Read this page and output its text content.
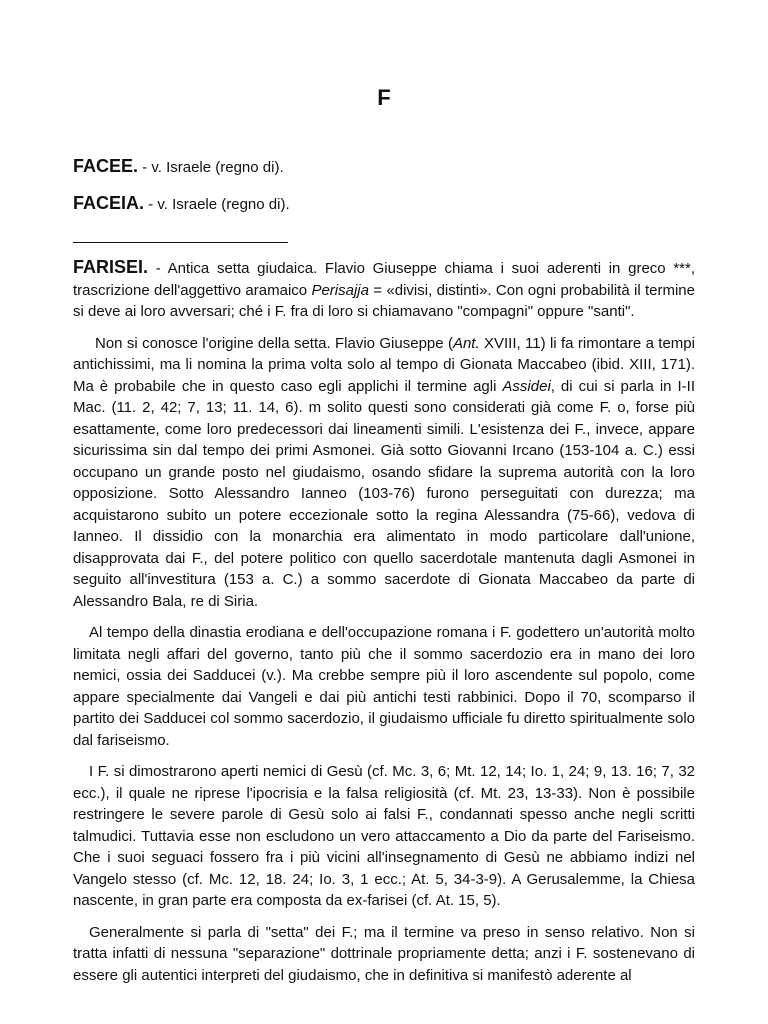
F
FACEE. - v. Israele (regno di).
FACEIA. - v. Israele (regno di).

FARISEI. - Antica setta giudaica. Flavio Giuseppe chiama i suoi aderenti in greco ***, trascrizione dell'aggettivo aramaico Perisajja = «divisi, distinti». Con ogni probabilità il termine si deve ai loro avversari; ché i F. fra di loro si chiamavano "compagni" oppure "santi".

Non si conosce l'origine della setta. Flavio Giuseppe (Ant. XVIII, 11) li fa rimontare a tempi antichissimi, ma li nomina la prima volta solo al tempo di Gionata Maccabeo (ibid. XIII, 171). Ma è probabile che in questo caso egli applichi il termine agli Assidei, di cui si parla in I-II Mac. (11. 2, 42; 7, 13; 11. 14, 6). m solito questi sono considerati già come F. o, forse più esattamente, come loro predecessori dai lineamenti simili. L'esistenza dei F., invece, appare sicurissima sin dal tempo dei primi Asmonei. Già sotto Giovanni Ircano (153-104 a. C.) essi occupano un grande posto nel giudaismo, osando sfidare la suprema autorità con la loro opposizione. Sotto Alessandro Ianneo (103-76) furono perseguitati con durezza; ma acquistarono subito un potere eccezionale sotto la regina Alessandra (75-66), vedova di Ianneo. Il dissidio con la monarchia era alimentato in modo particolare dall'unione, disapprovata dai F., del potere politico con quello sacerdotale mantenuta dagli Asmonei in seguito all'investitura (153 a. C.) a sommo sacerdote di Gionata Maccabeo da parte di Alessandro Bala, re di Siria.

Al tempo della dinastia erodiana e dell'occupazione romana i F. godettero un'autorità molto limitata negli affari del governo, tanto più che il sommo sacerdozio era in mano dei loro nemici, ossia dei Sadducei (v.). Ma crebbe sempre più il loro ascendente sul popolo, come appare specialmente dai Vangeli e dai più antichi testi rabbinici. Dopo il 70, scomparso il partito dei Sadducei col sommo sacerdozio, il giudaismo ufficiale fu diretto spiritualmente solo dal fariseismo.

I F. si dimostrarono aperti nemici di Gesù (cf. Mc. 3, 6; Mt. 12, 14; Io. 1, 24; 9, 13. 16; 7, 32 ecc.), il quale ne riprese l'ipocrisia e la falsa religiosità (cf. Mt. 23, 13-33). Non è possibile restringere le severe parole di Gesù solo ai falsi F., condannati spesso anche negli scritti talmudici. Tuttavia esse non escludono un vero attaccamento a Dio da parte del Fariseismo. Che i suoi seguaci fossero fra i più vicini all'insegnamento di Gesù ne abbiamo indizi nel Vangelo stesso (cf. Mc. 12, 18. 24; Io. 3, 1 ecc.; At. 5, 34-3-9). A Gerusalemme, la Chiesa nascente, in gran parte era composta da ex-farisei (cf. At. 15, 5).

Generalmente si parla di "setta" dei F.; ma il termine va preso in senso relativo. Non si tratta infatti di nessuna "separazione" dottrinale propriamente detta; anzi i F. sostenevano di essere gli autentici interpreti del giudaismo, che in definitiva si manifestò aderente al
